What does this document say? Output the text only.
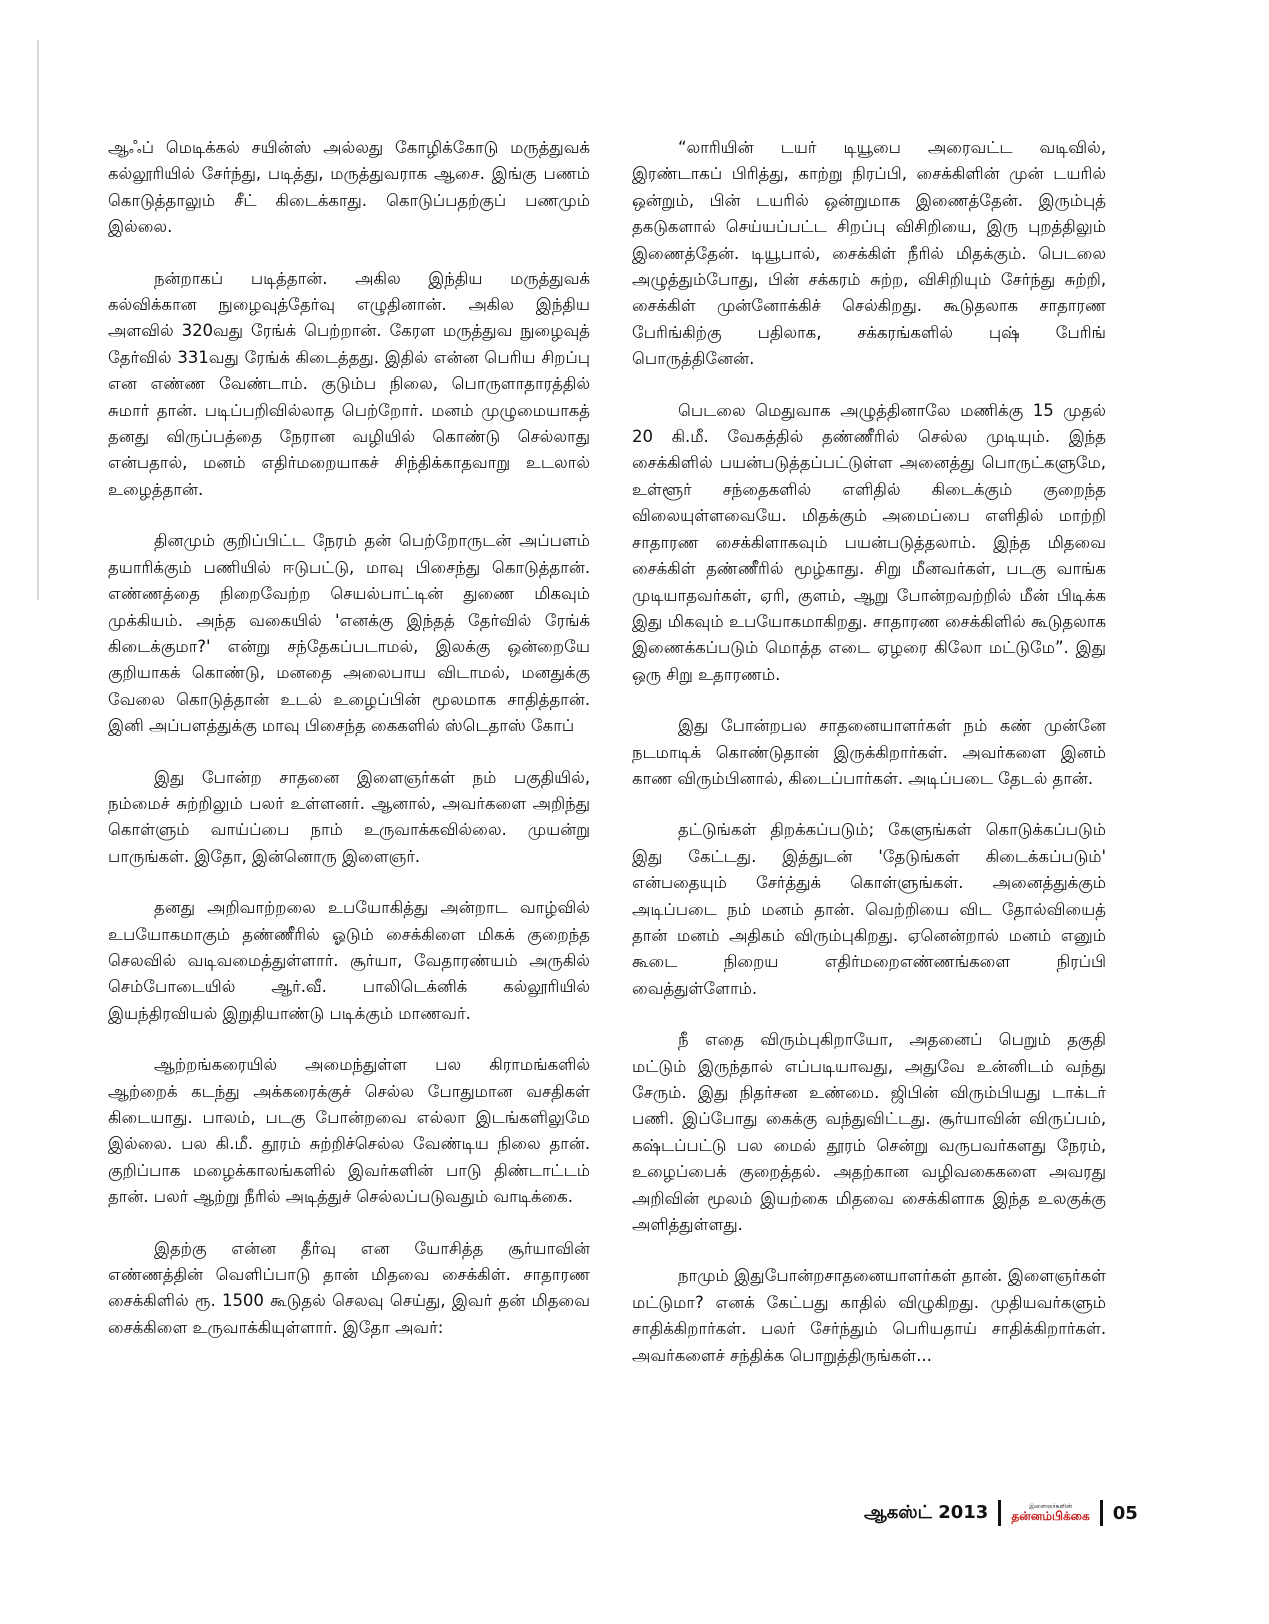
ஆஃப் மெடிக்கல் சயின்ஸ் அல்லது கோழிக்கோடு மருத்துவக் கல்லூரியில் சேர்ந்து, படித்து, மருத்துவராக ஆசை. இங்கு பணம் கொடுத்தாலும் சீட் கிடைக்காது. கொடுப்பதற்குப் பணமும் இல்லை.

நன்றாகப் படித்தான். அகில இந்திய மருத்துவக் கல்விக்கான நுழைவுத்தேர்வு எழுதினான். அகில இந்திய அளவில் 320வது ரேங்க் பெற்றான். கேரள மருத்துவ நுழைவுத் தேர்வில் 331வது ரேங்க் கிடைத்தது. இதில் என்ன பெரிய சிறப்பு என எண்ண வேண்டாம். குடும்ப நிலை, பொருளாதாரத்தில் சுமார் தான். படிப்பறிவில்லாத பெற்றோர். மனம் முழுமையாகத் தனது விருப்பத்தை நேரான வழியில் கொண்டு செல்லாது என்பதால், மனம் எதிர்மறையாகச் சிந்திக்காதவாறு உடலால் உழைத்தான்.

தினமும் குறிப்பிட்ட நேரம் தன் பெற்றோருடன் அப்பளம் தயாரிக்கும் பணியில் ஈடுபட்டு, மாவு பிசைந்து கொடுத்தான். எண்ணத்தை நிறைவேற்ற செயல்பாட்டின் துணை மிகவும் முக்கியம். அந்த வகையில் 'எனக்கு இந்தத் தேர்வில் ரேங்க் கிடைக்குமா?' என்று சந்தேகப்படாமல், இலக்கு ஒன்றையே குறியாகக் கொண்டு, மனதை அலைபாய விடாமல், மனதுக்கு வேலை கொடுத்தான் உடல் உழைப்பின் மூலமாக சாதித்தான். இனி அப்பளத்துக்கு மாவு பிசைந்த கைகளில் ஸ்டெதாஸ் கோப்

இது போன்ற சாதனை இளைஞர்கள் நம் பகுதியில், நம்மைச் சுற்றிலும் பலர் உள்ளனர். ஆனால், அவர்களை அறிந்து கொள்ளும் வாய்ப்பை நாம் உருவாக்கவில்லை. முயன்று பாருங்கள். இதோ, இன்னொரு இளைஞர்.

தனது அறிவாற்றலை உபயோகித்து அன்றாட வாழ்வில் உபயோகமாகும் தண்ணீரில் ஓடும் சைக்கிளை மிகக் குறைந்த செலவில் வடிவமைத்துள்ளார். சூர்யா, வேதாரண்யம் அருகில் செம்போடையில் ஆர்.வீ. பாலிடெக்னிக் கல்லூரியில் இயந்திரவியல் இறுதியாண்டு படிக்கும் மாணவர்.

ஆற்றங்கரையில் அமைந்துள்ள பல கிராமங்களில் ஆற்றைக் கடந்து அக்கரைக்குச் செல்ல போதுமான வசதிகள் கிடையாது. பாலம், படகு போன்றவை எல்லா இடங்களிலுமே இல்லை. பல கி.மீ. தூரம் சுற்றிச்செல்ல வேண்டிய நிலை தான். குறிப்பாக மழைக்காலங்களில் இவர்களின் பாடு திண்டாட்டம் தான். பலர் ஆற்று நீரில் அடித்துச் செல்லப்படுவதும் வாடிக்கை.

இதற்கு என்ன தீர்வு என யோசித்த சூர்யாவின் எண்ணத்தின் வெளிப்பாடு தான் மிதவை சைக்கிள். சாதாரண சைக்கிளில் ரூ. 1500 கூடுதல் செலவு செய்து, இவர் தன் மிதவை சைக்கிளை உருவாக்கியுள்ளார். இதோ அவர்:

“லாரியின் டயர் டியூபை அரைவட்ட வடிவில், இரண்டாகப் பிரித்து, காற்று நிரப்பி, சைக்கிளின் முன் டயரில் ஒன்றும், பின் டயரில் ஒன்றுமாக இணைத்தேன். இரும்புத் தகடுகளால் செய்யப்பட்ட சிறப்பு விசிறியை, இரு புறத்திலும் இணைத்தேன். டியூபால், சைக்கிள் நீரில் மிதக்கும். பெடலை அழுத்தும்போது, பின் சக்கரம் சுற்ற, விசிறியும் சேர்ந்து சுற்றி, சைக்கிள் முன்னோக்கிச் செல்கிறது. கூடுதலாக சாதாரண பேரிங்கிற்கு பதிலாக, சக்கரங்களில் புஷ் பேரிங் பொருத்தினேன்.

பெடலை மெதுவாக அழுத்தினாலே மணிக்கு 15 முதல் 20 கி.மீ. வேகத்தில் தண்ணீரில் செல்ல முடியும். இந்த சைக்கிளில் பயன்படுத்தப்பட்டுள்ள அனைத்து பொருட்களுமே, உள்ளூர் சந்தைகளில் எளிதில் கிடைக்கும் குறைந்த விலையுள்ளவையே. மிதக்கும் அமைப்பை எளிதில் மாற்றி சாதாரண சைக்கிளாகவும் பயன்படுத்தலாம். இந்த மிதவை சைக்கிள் தண்ணீரில் மூழ்காது. சிறு மீனவர்கள், படகு வாங்க முடியாதவர்கள், ஏரி, குளம், ஆறு போன்றவற்றில் மீன் பிடிக்க இது மிகவும் உபயோகமாகிறது. சாதாரண சைக்கிளில் கூடுதலாக இணைக்கப்படும் மொத்த எடை ஏழரை கிலோ மட்டுமே”. இது ஒரு சிறு உதாரணம்.

இது போன்றபல சாதனையாளர்கள் நம் கண் முன்னே நடமாடிக் கொண்டுதான் இருக்கிறார்கள். அவர்களை இனம் காண விரும்பினால், கிடைப்பார்கள். அடிப்படை தேடல் தான்.

தட்டுங்கள் திறக்கப்படும்; கேளுங்கள் கொடுக்கப்படும் இது கேட்டது. இத்துடன் 'தேடுங்கள் கிடைக்கப்படும்' என்பதையும் சேர்த்துக் கொள்ளுங்கள். அனைத்துக்கும் அடிப்படை நம் மனம் தான். வெற்றியை விட தோல்வியைத் தான் மனம் அதிகம் விரும்புகிறது. ஏனென்றால் மனம் எனும் கூடை நிறைய எதிர்மறைஎண்ணங்களை நிரப்பி வைத்துள்ளோம்.

நீ எதை விரும்புகிறாயோ, அதனைப் பெறும் தகுதி மட்டும் இருந்தால் எப்படியாவது, அதுவே உன்னிடம் வந்து சேரும். இது நிதர்சன உண்மை. ஜிபின் விரும்பியது டாக்டர் பணி. இப்போது கைக்கு வந்துவிட்டது. சூர்யாவின் விருப்பம், கஷ்டப்பட்டு பல மைல் தூரம் சென்று வருபவர்களது நேரம், உழைப்பைக் குறைத்தல். அதற்கான வழிவகைகளை அவரது அறிவின் மூலம் இயற்கை மிதவை சைக்கிளாக இந்த உலகுக்கு அளித்துள்ளது.

நாமும் இதுபோன்றசாதனையாளர்கள் தான். இளைஞர்கள் மட்டுமா? எனக் கேட்பது காதில் விழுகிறது. முதியவர்களும் சாதிக்கிறார்கள். பலர் சேர்ந்தும் பெரியதாய் சாதிக்கிறார்கள். அவர்களைச் சந்திக்க பொறுத்திருங்கள்...

ஆகஸ்ட் 2013	இளைஞர்களின்
தன்னம்பிக்கை 05
